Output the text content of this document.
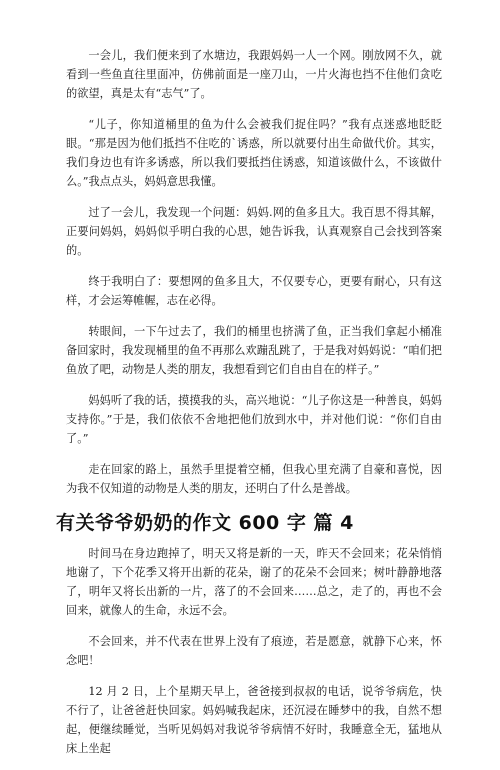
一会儿，我们便来到了水塘边，我跟妈妈一人一个网。刚放网不久，就看到一些鱼直往里面冲，仿佛前面是一座刀山，一片火海也挡不住他们贪吃的欲望，真是太有“志气”了。

“儿子，你知道桶里的鱼为什么会被我们捉住吗？”我有点迷惑地眨眨眼。“那是因为他们抵挡不住吃的`诱惑，所以就要付出生命做代价。其实，我们身边也有许多诱惑，所以我们要抵挡住诱惑，知道该做什么，不该做什么。”我点点头，妈妈意思我懂。

过了一会儿，我发现一个问题：妈妈.网的鱼多且大。我百思不得其解，正要问妈妈，妈妈似乎明白我的心思，她告诉我，认真观察自己会找到答案的。

终于我明白了：要想网的鱼多且大，不仅要专心，更要有耐心，只有这样，才会运筹帷幄，志在必得。

转眼间，一下午过去了，我们的桶里也挤满了鱼，正当我们拿起小桶准备回家时，我发现桶里的鱼不再那么欢蹦乱跳了，于是我对妈妈说：“咱们把鱼放了吧，动物是人类的朋友，我想看到它们自由自在的样子。”

妈妈听了我的话，摸摸我的头，高兴地说：“儿子你这是一种善良，妈妈支持你。”于是，我们依依不舍地把他们放到水中，并对他们说：“你们自由了。”

走在回家的路上，虽然手里提着空桶，但我心里充满了自豪和喜悦，因为我不仅知道的动物是人类的朋友，还明白了什么是善战。

有关爷爷奶奶的作文 600 字 篇 4

时间马在身边跑掉了，明天又将是新的一天，昨天不会回来；花朵悄悄地谢了，下个花季又将开出新的花朵，谢了的花朵不会回来；树叶静静地落了，明年又将长出新的一片，落了的不会回来……总之，走了的，再也不会回来，就像人的生命，永远不会。

不会回来，并不代表在世界上没有了痕迹，若是愿意，就静下心来，怀念吧！

12 月 2 日，上个星期天早上，爸爸接到叔叔的电话，说爷爷病危，快不行了，让爸爸赶快回家。妈妈喊我起床，还沉浸在睡梦中的我，自然不想起，便继续睡觉，当听见妈妈对我说爷爷病情不好时，我睡意全无，猛地从床上坐起
